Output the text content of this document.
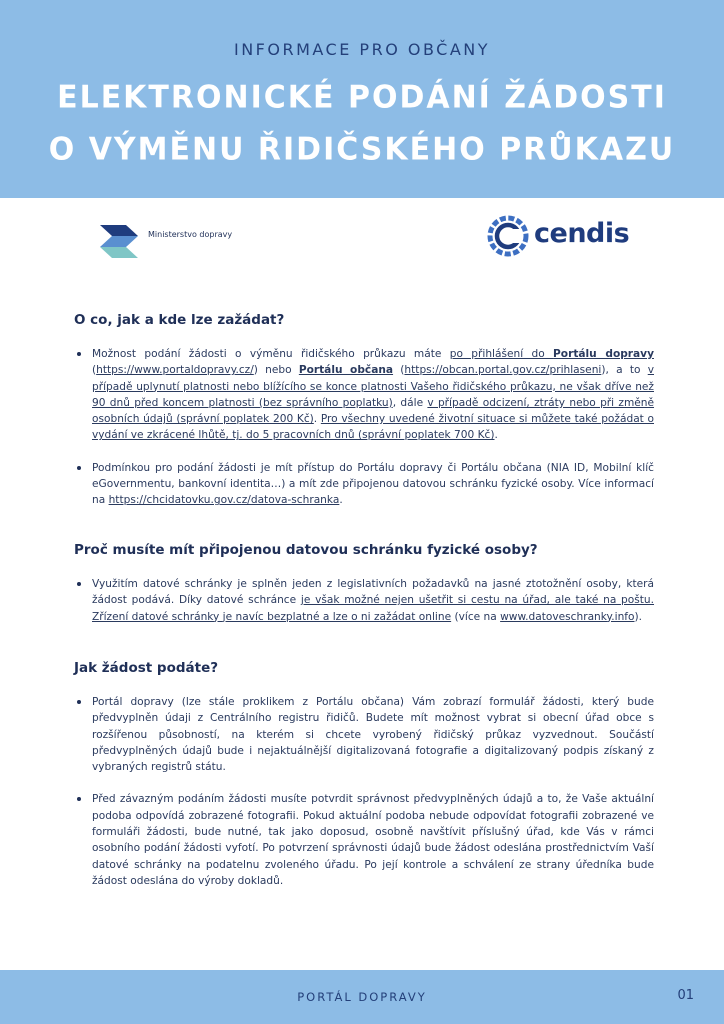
INFORMACE PRO OBČANY
ELEKTRONICKÉ PODÁNÍ ŽÁDOSTI
O VÝMĚNU ŘIDIČSKÉHO PRŮKAZU
Ministerstvo dopravy	cendis
O co, jak a kde lze zažádat?
Možnost podání žádosti o výměnu řidičského průkazu máte po přihlášení do Portálu dopravy (https://www.portaldopravy.cz/) nebo Portálu občana (https://obcan.portal.gov.cz/prihlaseni), a to v případě uplynutí platnosti nebo blížícího se konce platnosti Vašeho řidičského průkazu, ne však dříve než 90 dnů před koncem platnosti (bez správního poplatku), dále v případě odcizení, ztráty nebo při změně osobních údajů (správní poplatek 200 Kč). Pro všechny uvedené životní situace si můžete také požádat o vydání ve zkrácené lhůtě, tj. do 5 pracovních dnů (správní poplatek 700 Kč).
Podmínkou pro podání žádosti je mít přístup do Portálu dopravy či Portálu občana (NIA ID, Mobilní klíč eGovernmentu, bankovní identita…) a mít zde připojenou datovou schránku fyzické osoby. Více informací na https://chcidatovku.gov.cz/datova-schranka.
Proč musíte mít připojenou datovou schránku fyzické osoby?
Využitím datové schránky je splněn jeden z legislativních požadavků na jasné ztotožnění osoby, která žádost podává. Díky datové schránce je však možné nejen ušetřit si cestu na úřad, ale také na poštu. Zřízení datové schránky je navíc bezplatné a lze o ni zažádat online (více na www.datoveschranky.info).
Jak žádost podáte?
Portál dopravy (lze stále proklikem z Portálu občana) Vám zobrazí formulář žádosti, který bude předvyplněn údaji z Centrálního registru řidičů. Budete mít možnost vybrat si obecní úřad obce s rozšířenou působností, na kterém si chcete vyrobený řidičský průkaz vyzvednout. Součástí předvyplněných údajů bude i nejaktuálnější digitalizovaná fotografie a digitalizovaný podpis získaný z vybraných registrů státu.
Před závazným podáním žádosti musíte potvrdit správnost předvyplněných údajů a to, že Vaše aktuální podoba odpovídá zobrazené fotografii. Pokud aktuální podoba nebude odpovídat fotografii zobrazené ve formuláři žádosti, bude nutné, tak jako doposud, osobně navštívit příslušný úřad, kde Vás v rámci osobního podání žádosti vyfotí. Po potvrzení správnosti údajů bude žádost odeslána prostřednictvím Vaší datové schránky na podatelnu zvoleného úřadu. Po její kontrole a schválení ze strany úředníka bude žádost odeslána do výroby dokladů.
PORTÁL DOPRAVY	01
